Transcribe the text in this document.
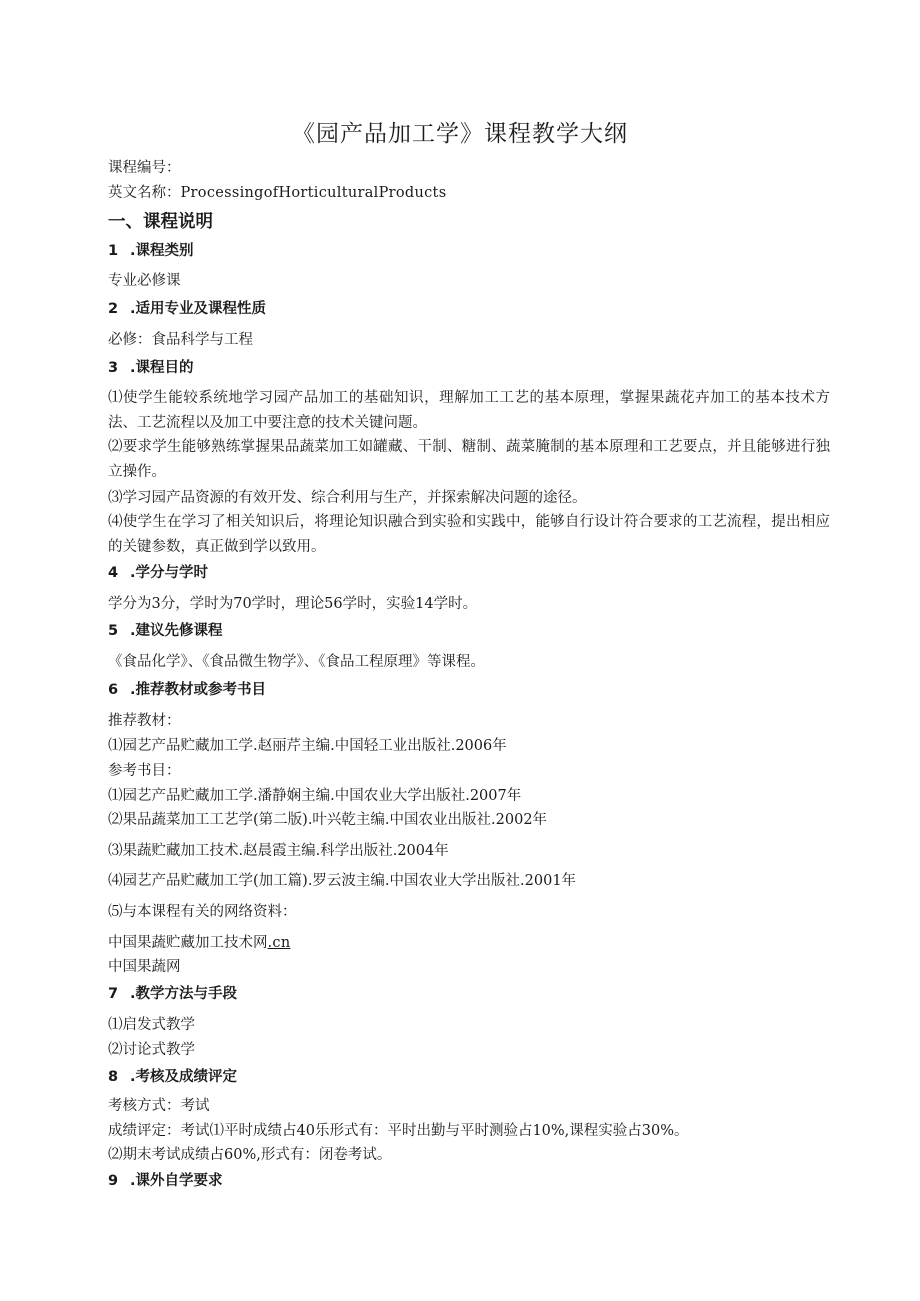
《园产品加工学》课程教学大纲
课程编号：
英文名称：ProcessingofHorticulturalProducts
一、课程说明
1 .课程类别
专业必修课
2 .适用专业及课程性质
必修：食品科学与工程
3 .课程目的
⑴使学生能较系统地学习园产品加工的基础知识，理解加工工艺的基本原理，掌握果蔬花卉加工的基本技术方法、工艺流程以及加工中要注意的技术关键问题。
⑵要求学生能够熟练掌握果品蔬菜加工如罐藏、干制、糖制、蔬菜腌制的基本原理和工艺要点，并且能够进行独立操作。
⑶学习园产品资源的有效开发、综合利用与生产，并探索解决问题的途径。
⑷使学生在学习了相关知识后，将理论知识融合到实验和实践中，能够自行设计符合要求的工艺流程，提出相应的关键参数，真正做到学以致用。
4 .学分与学时
学分为3分，学时为70学时，理论56学时，实验14学时。
5 .建议先修课程
《食品化学》、《食品微生物学》、《食品工程原理》等课程。
6 .推荐教材或参考书目
推荐教材：
⑴园艺产品贮藏加工学.赵丽芹主编.中国轻工业出版社.2006年
参考书目：
⑴园艺产品贮藏加工学.潘静娴主编.中国农业大学出版社.2007年
⑵果品蔬菜加工工艺学(第二版).叶兴乾主编.中国农业出版社.2002年
⑶果蔬贮藏加工技术.赵晨霞主编.科学出版社.2004年
⑷园艺产品贮藏加工学(加工篇).罗云波主编.中国农业大学出版社.2001年
⑸与本课程有关的网络资料：
中国果蔬贮藏加工技术网.cn
中国果蔬网
7 .教学方法与手段
⑴启发式教学
⑵讨论式教学
8 .考核及成绩评定
考核方式：考试
成绩评定：考试⑴平时成绩占40乐形式有：平时出勤与平时测验占10%,课程实验占30%。
⑵期末考试成绩占60%,形式有：闭卷考试。
9 .课外自学要求
